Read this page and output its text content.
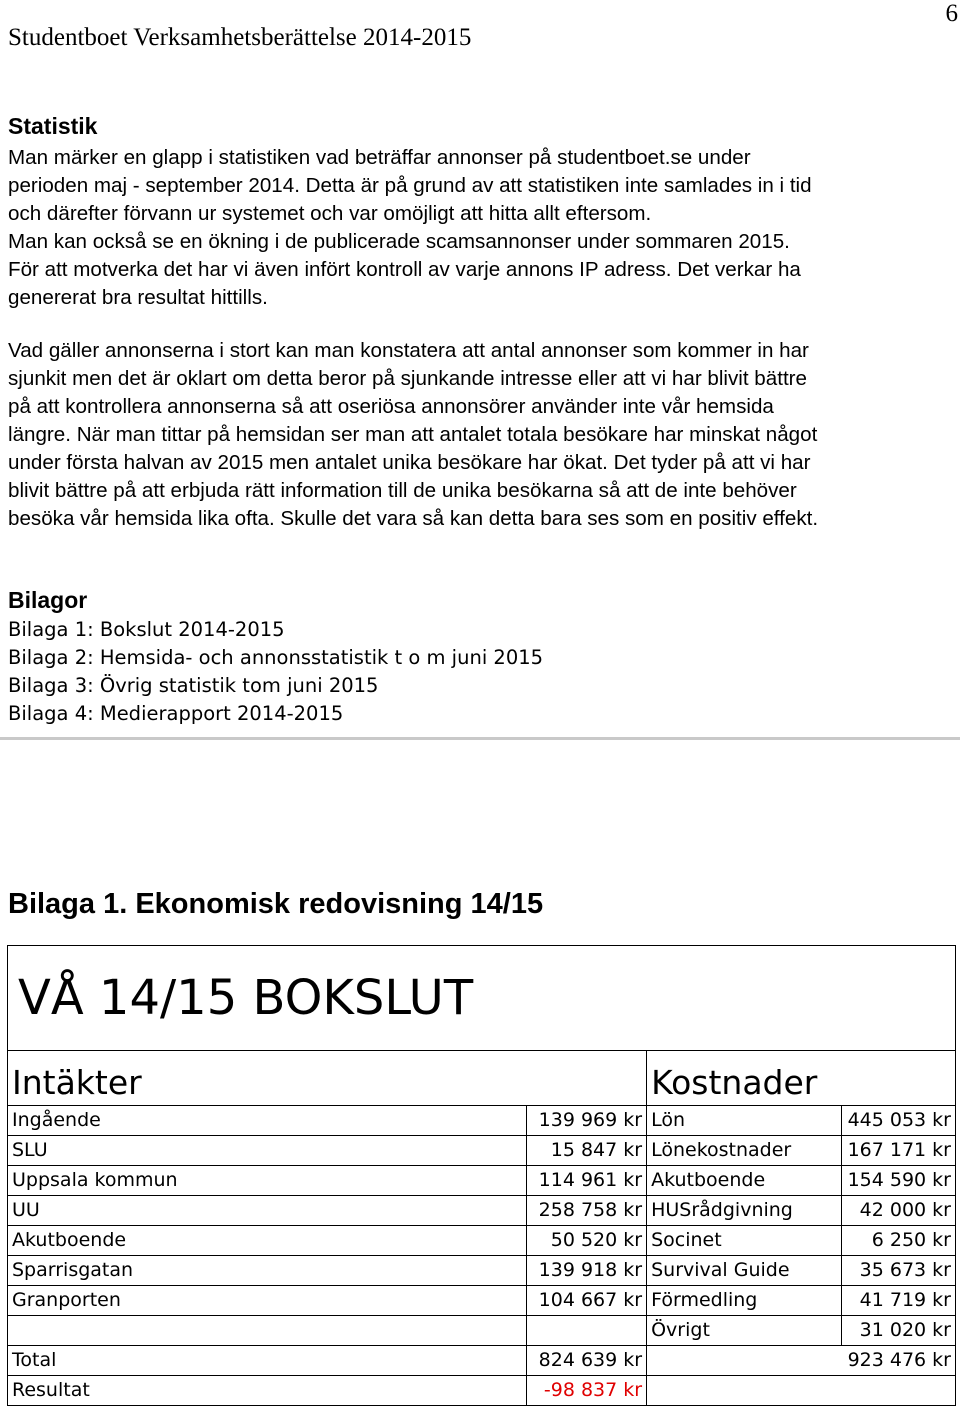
Studentboet Verksamhetsberättelse 2014-2015
6
Statistik
Man märker en glapp i statistiken vad beträffar annonser på studentboet.se under
perioden maj - september 2014. Detta är på grund av att statistiken inte samlades in i tid
och därefter förvann ur systemet och var omöjligt att hitta allt eftersom.
Man kan också se en ökning i de publicerade scamsannonser under sommaren 2015.
För att motverka det har vi även infört kontroll av varje annons IP adress. Det verkar ha
genererat bra resultat hittills.
Vad gäller annonserna i stort kan man konstatera att antal annonser som kommer in har
sjunkit men det är oklart om detta beror på sjunkande intresse eller att vi har blivit bättre
på att kontrollera annonserna så att oseriösa annonsörer använder inte vår hemsida
längre. När man tittar på hemsidan ser man att antalet totala besökare har minskat något
under första halvan av 2015 men antalet unika besökare har ökat. Det tyder på att vi har
blivit bättre på att erbjuda rätt information till de unika besökarna så att de inte behöver
besöka vår hemsida lika ofta. Skulle det vara så kan detta bara ses som en positiv effekt.
Bilagor
Bilaga 1: Bokslut 2014-2015
Bilaga 2: Hemsida- och annonsstatistik t o m juni 2015
Bilaga 3: Övrig statistik tom juni 2015
Bilaga 4: Medierapport 2014-2015
Bilaga 1. Ekonomisk redovisning 14/15
VÅ 14/15 BOKSLUT			
Intäkter		Kostnader	
Ingående	139 969 kr	Lön	445 053 kr
SLU	15 847 kr	Lönekostnader	167 171 kr
Uppsala kommun	114 961 kr	Akutboende	154 590 kr
UU	258 758 kr	HUSrådgivning	42 000 kr
Akutboende	50 520 kr	Socinet	6 250 kr
Sparrisgatan	139 918 kr	Survival Guide	35 673 kr
Granporten	104 667 kr	Förmedling	41 719 kr
		Övrigt	31 020 kr
Total	824 639 kr		923 476 kr
Resultat	-98 837 kr		
